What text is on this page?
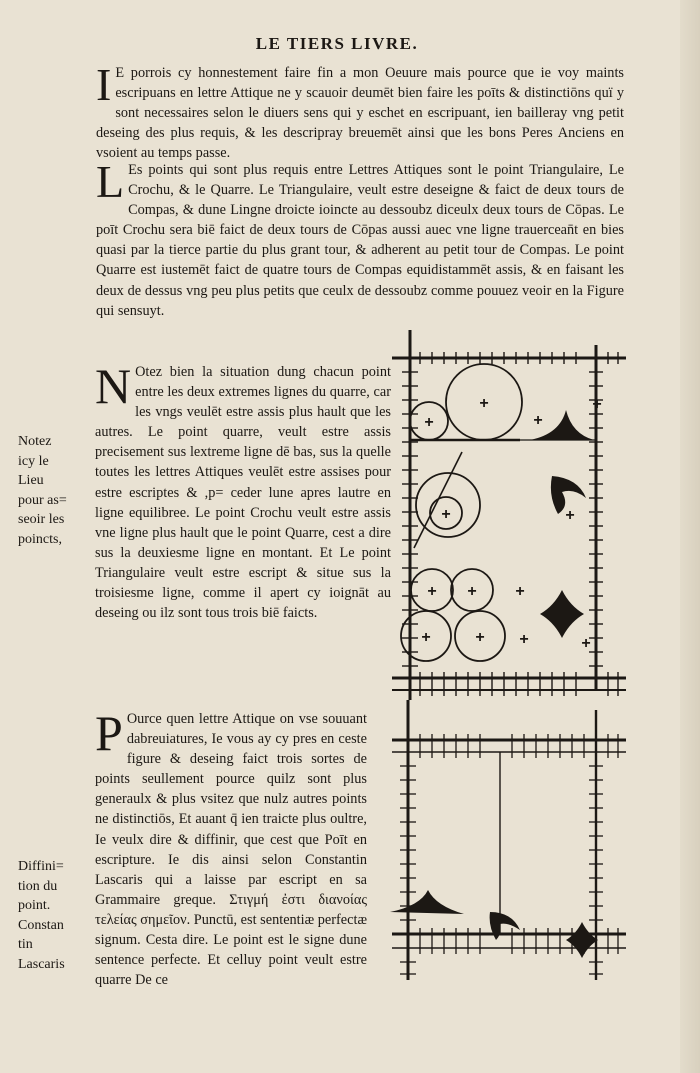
LE TIERS LIVRE.

I E porrois cy honnestement faire fin a mon Oeuure mais pource que ie voy maints escripuans en lettre Attique ne y scauoir deumēt bien faire les poīts & distinctiōns quï y sont necessaires selon le diuers sens qui y eschet en escripuant, ien bailleray vng petit deseing des plus requis, & les descripray breuemēt ainsi que les bons Peres Anciens en vsoient au temps passe.

L Es points qui sont plus requis entre Lettres Attiques sont le point Triangulaire, Le Crochu, & le Quarre. Le Triangulaire, veult estre deseigne & faict de deux tours de Compas, & dune Lingne droicte ioincte au dessoubz diceulx deux tours de Cōpas. Le poīt Crochu sera biē faict de deux tours de Cōpas aussi auec vne ligne trauercean̄t en bies quasi par la tierce partie du plus grant tour, & adherent au petit tour de Compas. Le point Quarre est iustemēt faict de quatre tours de Compas equidistammēt assis, & en faisant les deux de dessus vng peu plus petits que ceulx de dessoubz comme pouuez veoir en la Figure qui sensuyt.

N Otez bien la situation dung chacun point entre les deux extremes lignes du quarre, car les vngs veulēt estre assis plus hault que les autres. Le point quarre, veult estre assis precisement sus lextreme ligne dē bas, sus la quelle toutes les lettres Attiques veulēt estre assises pour estre escriptes & ,p= ceder lune apres lautre en ligne equilibree. Le point Crochu veult estre assis vne ligne plus hault que le point Quarre, cest a dire sus la deuxiesme ligne en montant. Et Le point Triangulaire veult estre escript & situe sus la troisiesme ligne, comme il apert cy ioignāt au deseing ou ilz sont tous trois biē faicts.

P Ource quen lettre Attique on vse souuant dabreuiatures, Ie vous ay cy pres en ceste figure & deseing faict trois sortes de points seullement pource quilz sont plus generaulx & plus vsitez que nulz autres points ne distinctiōs, Et auant q̄ ien traicte plus oultre, Ie veulx dire & diffinir, que cest que Poīt en escripture. Ie dis ainsi selon Constantin Lascaris qui a laisse par escript en sa Grammaire greque. Στιγμή ἐστι διανοίας τελείας σημεῖον. Punctū, est sententiæ perfectæ signum. Cesta dire. Le point est le signe dune sentence perfecte. Et celluy point veult estre quarre De ce

Notez
icy le
Lieu
pour as=
seoir les
poincts,
Diffini=
tion du
point.
Constan
tin
Lascaris
+
+	+
+
+
+ +
+	+
+
+	+
+
